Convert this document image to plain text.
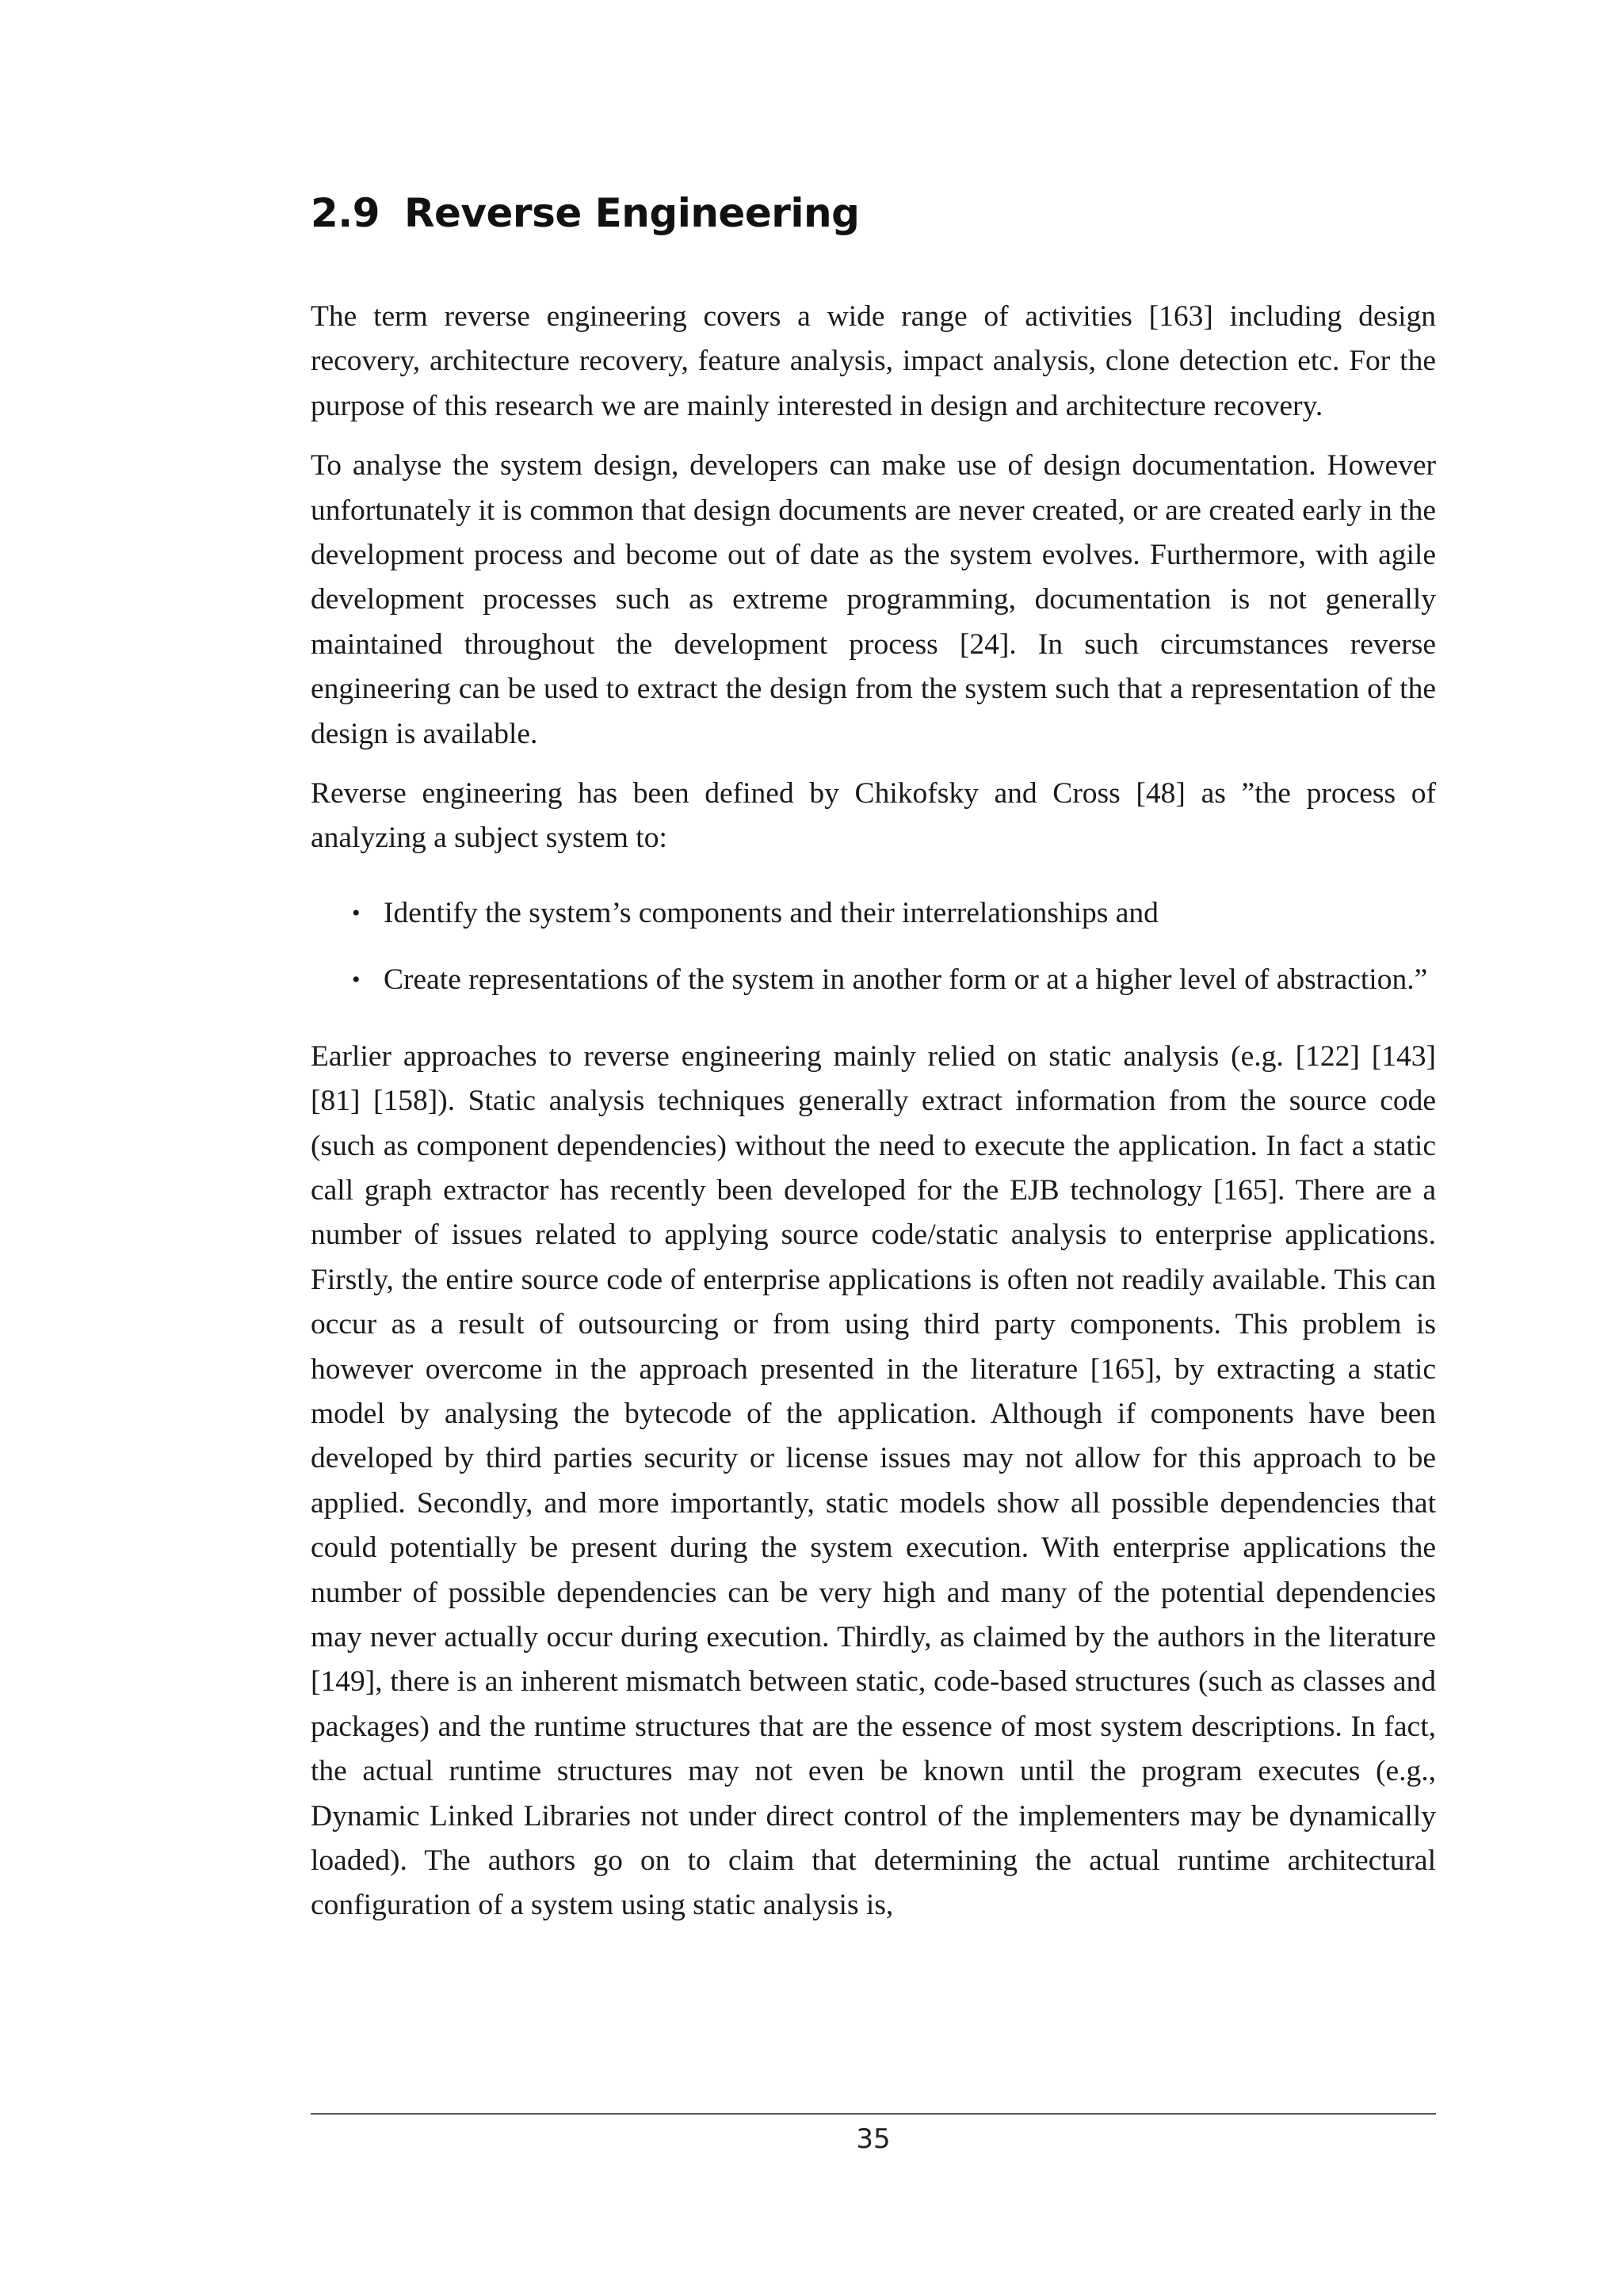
2.9 Reverse Engineering

The term reverse engineering covers a wide range of activities [163] including design recovery, architecture recovery, feature analysis, impact analysis, clone detection etc. For the purpose of this research we are mainly interested in design and architecture recovery.

To analyse the system design, developers can make use of design documentation. However unfortunately it is common that design documents are never created, or are created early in the development process and become out of date as the system evolves. Furthermore, with agile development processes such as extreme programming, documentation is not generally maintained throughout the development process [24]. In such circumstances reverse engineering can be used to extract the design from the system such that a representation of the design is available.

Reverse engineering has been defined by Chikofsky and Cross [48] as ”the process of analyzing a subject system to:

• Identify the system’s components and their interrelationships and
• Create representations of the system in another form or at a higher level of abstraction.”

Earlier approaches to reverse engineering mainly relied on static analysis (e.g. [122] [143] [81] [158]). Static analysis techniques generally extract information from the source code (such as component dependencies) without the need to execute the application. In fact a static call graph extractor has recently been developed for the EJB technology [165]. There are a number of issues related to applying source code/static analysis to enterprise applications. Firstly, the entire source code of enterprise applications is often not readily available. This can occur as a result of outsourcing or from using third party components. This problem is however overcome in the approach presented in the literature [165], by extracting a static model by analysing the bytecode of the application. Although if components have been developed by third parties security or license issues may not allow for this approach to be applied. Secondly, and more importantly, static models show all possible dependencies that could potentially be present during the system execution. With enterprise applications the number of possible dependencies can be very high and many of the potential dependencies may never actually occur during execution. Thirdly, as claimed by the authors in the literature [149], there is an inherent mismatch between static, code-based structures (such as classes and packages) and the runtime structures that are the essence of most system descriptions. In fact, the actual runtime structures may not even be known until the program executes (e.g., Dynamic Linked Libraries not under direct control of the implementers may be dynamically loaded). The authors go on to claim that determining the actual runtime architectural configuration of a system using static analysis is,

35
